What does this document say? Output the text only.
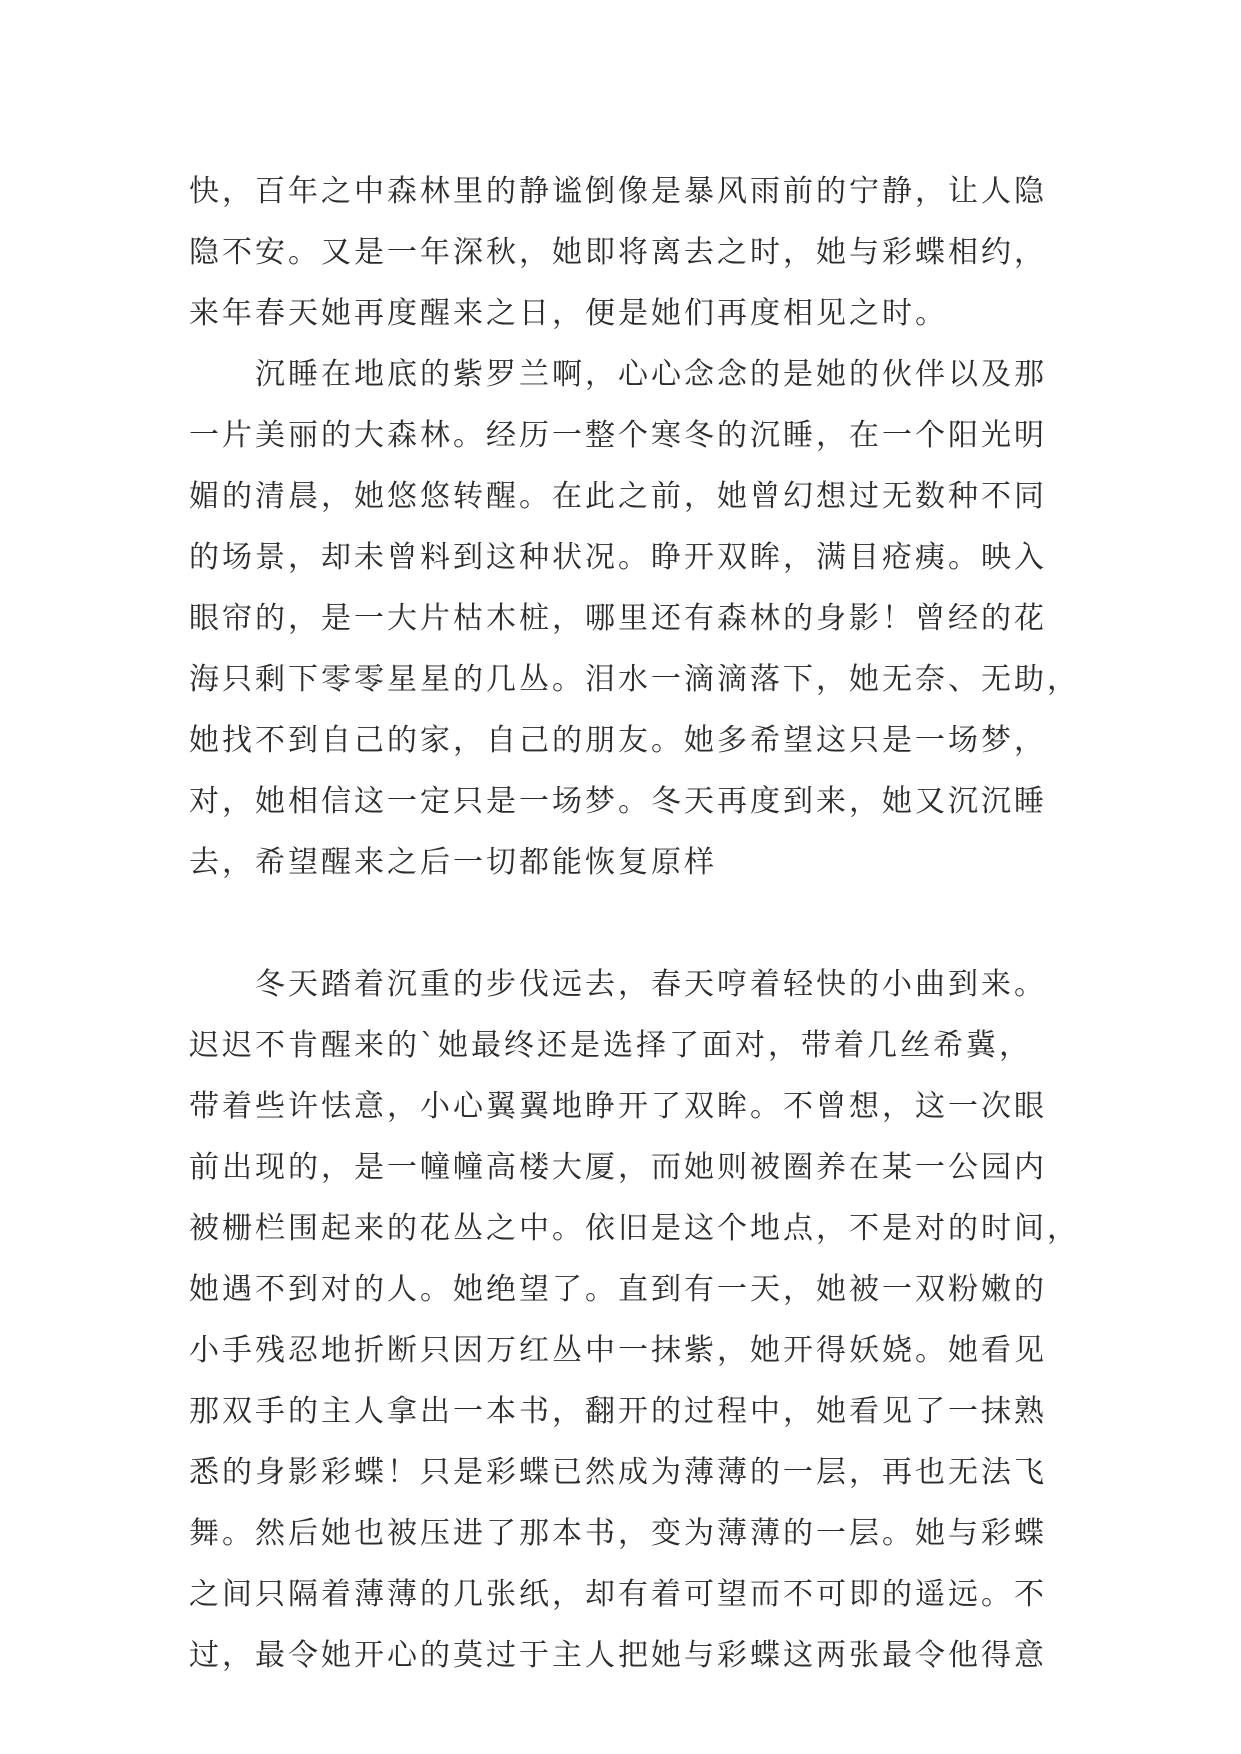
快，百年之中森林里的静谧倒像是暴风雨前的宁静，让人隐
隐不安。又是一年深秋，她即将离去之时，她与彩蝶相约，
来年春天她再度醒来之日，便是她们再度相见之时。
沉睡在地底的紫罗兰啊，心心念念的是她的伙伴以及那
一片美丽的大森林。经历一整个寒冬的沉睡，在一个阳光明
媚的清晨，她悠悠转醒。在此之前，她曾幻想过无数种不同
的场景，却未曾料到这种状况。睁开双眸，满目疮痍。映入
眼帘的，是一大片枯木桩，哪里还有森林的身影！曾经的花
海只剩下零零星星的几丛。泪水一滴滴落下，她无奈、无助，
她找不到自己的家，自己的朋友。她多希望这只是一场梦，
对，她相信这一定只是一场梦。冬天再度到来，她又沉沉睡
去，希望醒来之后一切都能恢复原样
冬天踏着沉重的步伐远去，春天哼着轻快的小曲到来。
迟迟不肯醒来的`她最终还是选择了面对，带着几丝希冀，
带着些许怯意，小心翼翼地睁开了双眸。不曾想，这一次眼
前出现的，是一幢幢高楼大厦，而她则被圈养在某一公园内
被栅栏围起来的花丛之中。依旧是这个地点，不是对的时间，
她遇不到对的人。她绝望了。直到有一天，她被一双粉嫩的
小手残忍地折断只因万红丛中一抹紫，她开得妖娆。她看见
那双手的主人拿出一本书，翻开的过程中，她看见了一抹熟
悉的身影彩蝶！只是彩蝶已然成为薄薄的一层，再也无法飞
舞。然后她也被压进了那本书，变为薄薄的一层。她与彩蝶
之间只隔着薄薄的几张纸，却有着可望而不可即的遥远。不
过，最令她开心的莫过于主人把她与彩蝶这两张最令他得意
